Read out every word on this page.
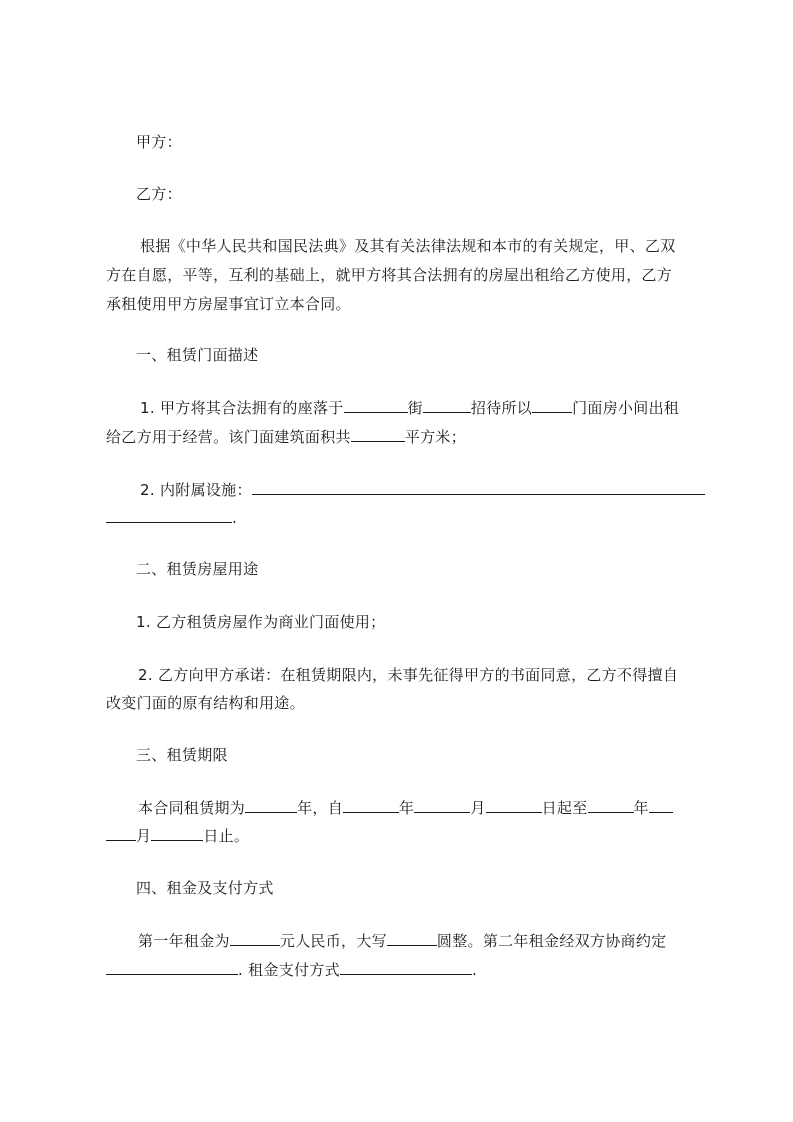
甲方：
乙方：
根据《中华人民共和国民法典》及其有关法律法规和本市的有关规定，甲、乙双
方在自愿，平等，互利的基础上，就甲方将其合法拥有的房屋出租给乙方使用，乙方
承租使用甲方房屋事宜订立本合同。
一、租赁门面描述
1. 甲方将其合法拥有的座落于	街	招待所以	门面房小间出租
给乙方用于经营。该门面建筑面积共	平方米；
2. 内附属设施：
.
二、租赁房屋用途
1. 乙方租赁房屋作为商业门面使用；
2. 乙方向甲方承诺：在租赁期限内，未事先征得甲方的书面同意，乙方不得擅自
改变门面的原有结构和用途。
三、租赁期限
本合同租赁期为	年，自	年	月	日起至	年
月	日止。
四、租金及支付方式
第一年租金为	元人民币，大写	圆整。第二年租金经双方协商约定
. 租金支付方式	.
